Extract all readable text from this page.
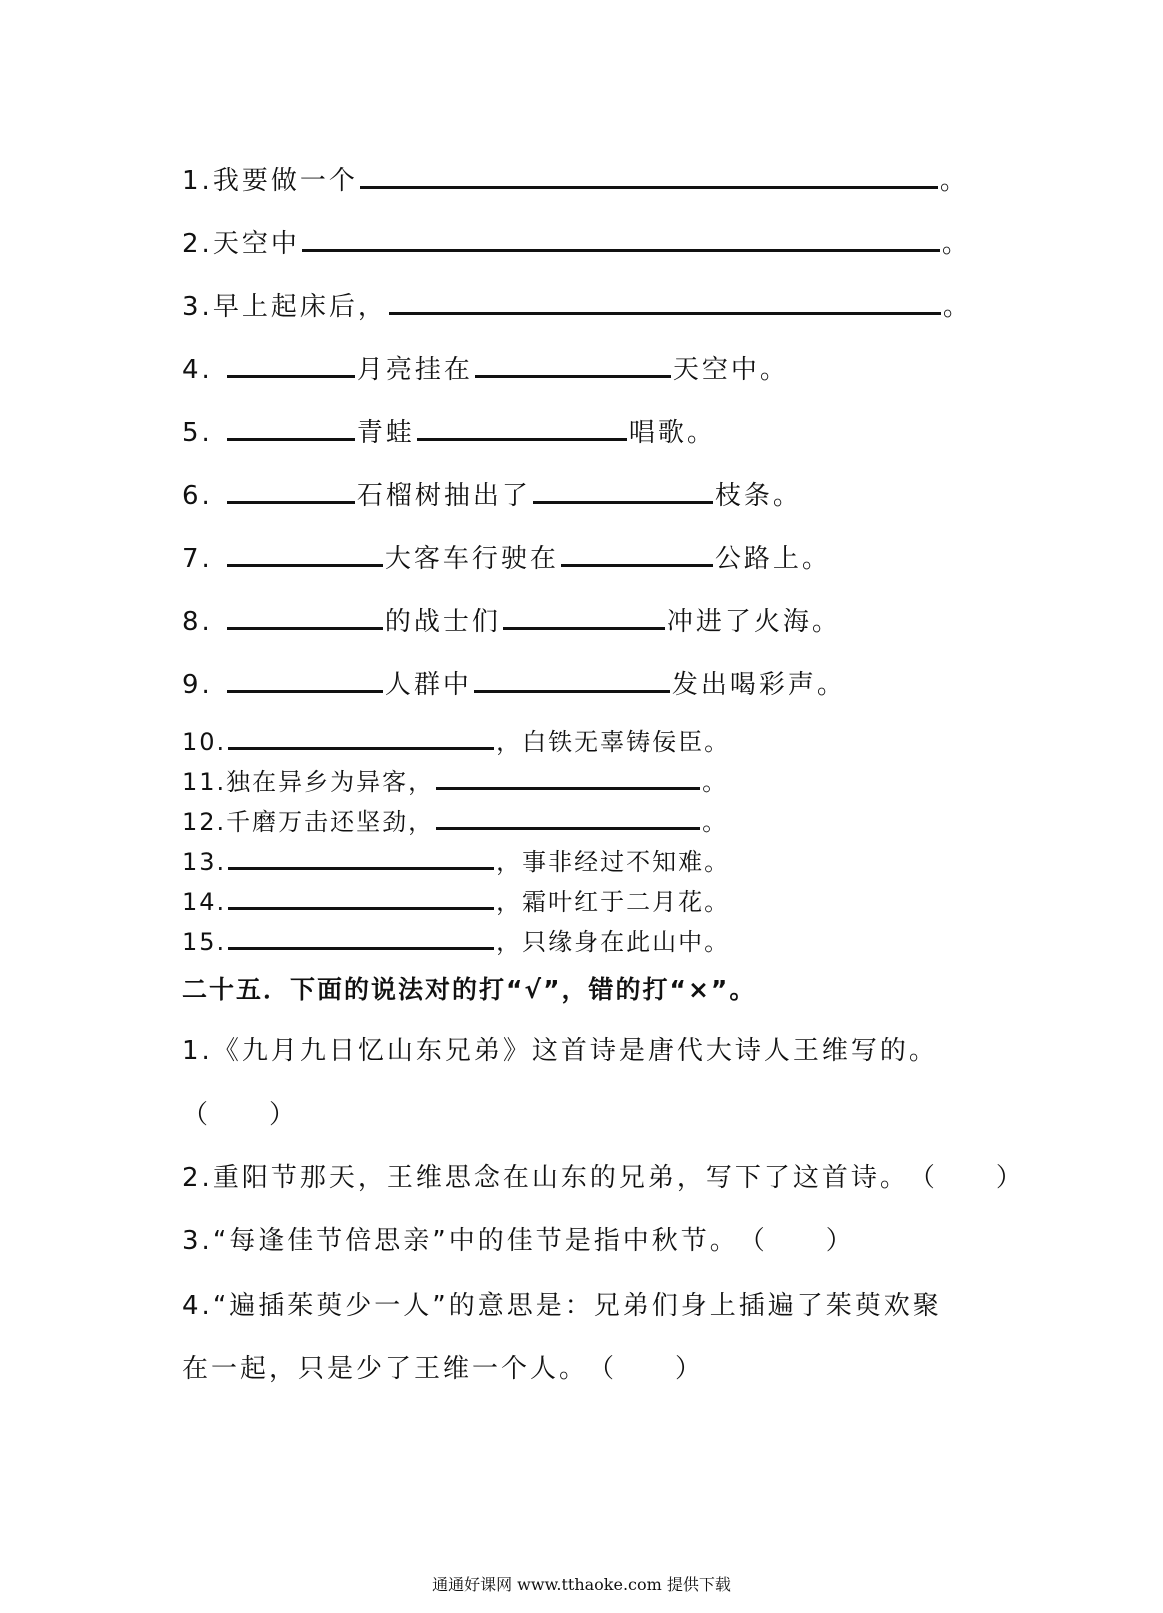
1.我要做一个	。
2.天空中	。
3.早上起床后，	。
4.	月亮挂在	天空中。
5.	青蛙	唱歌。
6.	石榴树抽出了	枝条。
7.	大客车行驶在	公路上。
8.	的战士们	冲进了火海。
9.	人群中	发出喝彩声。
10.	，白铁无辜铸佞臣。
11.独在异乡为异客，	。
12.千磨万击还坚劲，	。
13.	，事非经过不知难。
14.	，霜叶红于二月花。
15.	，只缘身在此山中。
二十五．下面的说法对的打“√”，错的打“×”。
1.《九月九日忆山东兄弟》这首诗是唐代大诗人王维写的。
（　　）
2.重阳节那天，王维思念在山东的兄弟，写下了这首诗。（　　）
3.“每逢佳节倍思亲”中的佳节是指中秋节。（　　）
4.“遍插茱萸少一人”的意思是：兄弟们身上插遍了茱萸欢聚
在一起，只是少了王维一个人。（　　）
通通好课网 www.tthaoke.com 提供下载
